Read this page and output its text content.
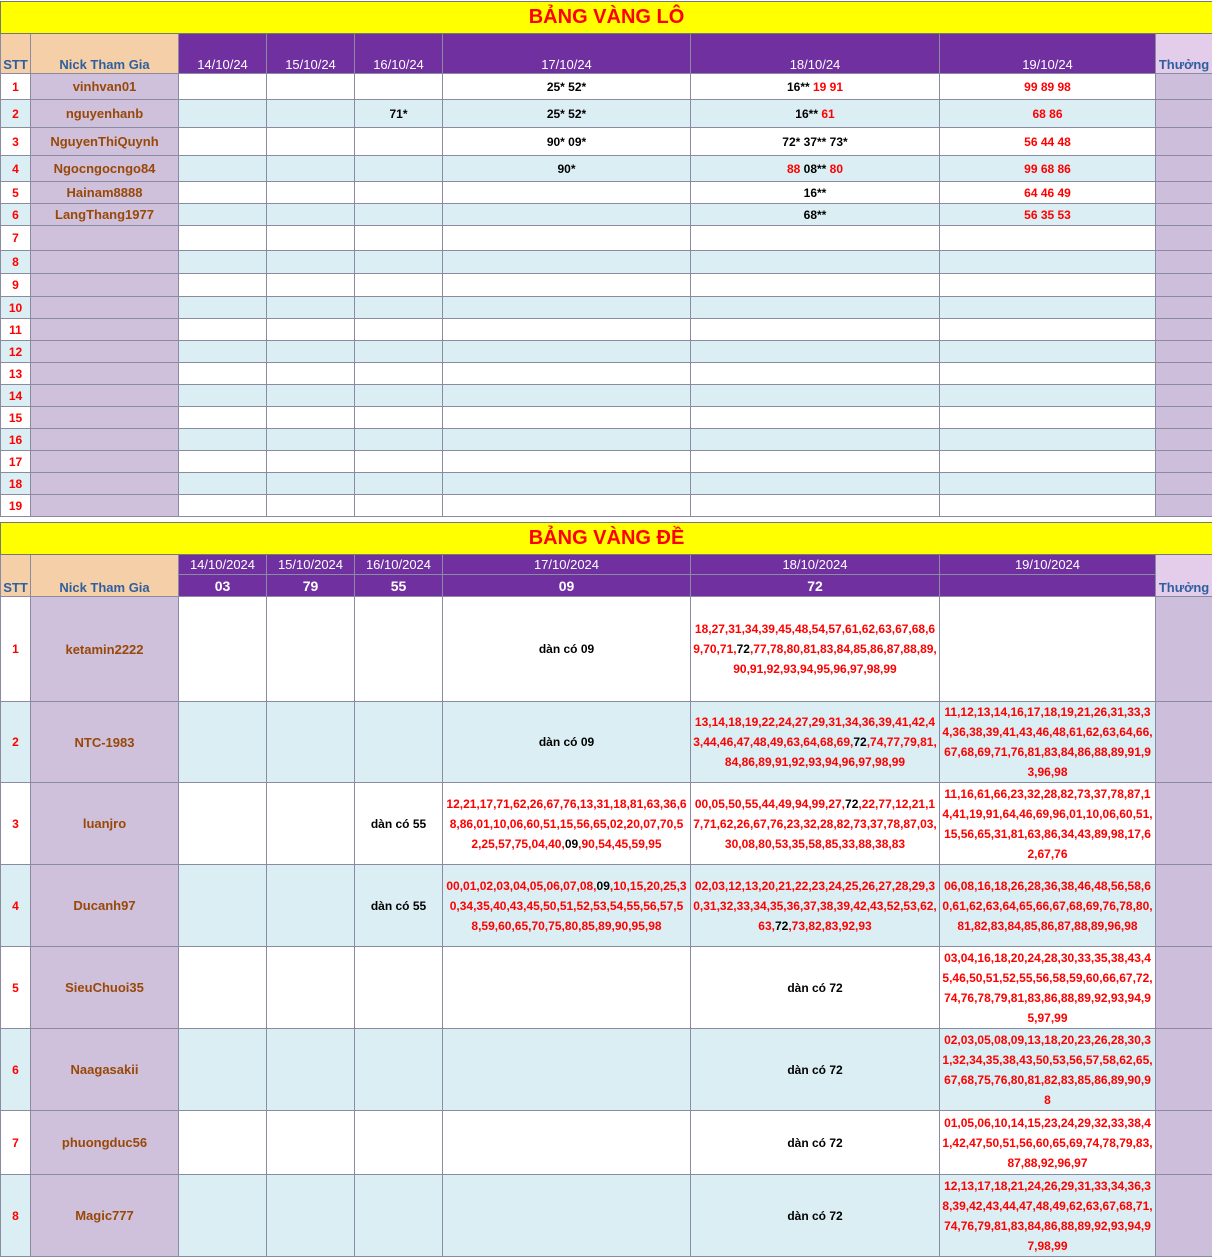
BẢNG VÀNG LÔ								
STT	Nick Tham Gia	14/10/24	15/10/24	16/10/24	17/10/24	18/10/24	19/10/24	Thưởng
1	vinhvan01				25* 52*	16** 19 91	99 89 98	
2	nguyenhanb			71*	25* 52*	16** 61	68 86	
3	NguyenThiQuynh				90* 09*	72* 37** 73*	56 44 48	
4	Ngocngocngo84				90*	88 08** 80	99 68 86	
5	Hainam8888					16**	64 46 49	
6	LangThang1977					68**	56 35 53	
7								
8								
9								
10								
11								
12								
13								
14								
15								
16								
17								
18								
19								
BẢNG VÀNG ĐỀ								
STT	Nick Tham Gia	14/10/2024	15/10/2024	16/10/2024	17/10/2024	18/10/2024	19/10/2024	Thưởng
		03	79	55	09	72		
1	ketamin2222				dàn có 09	18,27,31,34,39,45,48,54,57,61,62,63,67,68,69,70,71,72,77,78,80,81,83,84,85,86,87,88,89,90,91,92,93,94,95,96,97,98,99		
2	NTC-1983				dàn có 09	13,14,18,19,22,24,27,29,31,34,36,39,41,42,43,44,46,47,48,49,63,64,68,69,72,74,77,79,81,84,86,89,91,92,93,94,96,97,98,99	11,12,13,14,16,17,18,19,21,26,31,33,34,36,38,39,41,43,46,48,61,62,63,64,66,67,68,69,71,76,81,83,84,86,88,89,91,93,96,98	
3	luanjro			dàn có 55	12,21,17,71,62,26,67,76,13,31,18,81,63,36,68,86,01,10,06,60,51,15,56,65,02,20,07,70,52,25,57,75,04,40,09,90,54,45,59,95	00,05,50,55,44,49,94,99,27,72,22,77,12,21,17,71,62,26,67,76,23,32,28,82,73,37,78,87,03,30,08,80,53,35,58,85,33,88,38,83	11,16,61,66,23,32,28,82,73,37,78,87,14,41,19,91,64,46,69,96,01,10,06,60,51,15,56,65,31,81,63,86,34,43,89,98,17,62,67,76	
4	Ducanh97			dàn có 55	00,01,02,03,04,05,06,07,08,09,10,15,20,25,30,34,35,40,43,45,50,51,52,53,54,55,56,57,58,59,60,65,70,75,80,85,89,90,95,98	02,03,12,13,20,21,22,23,24,25,26,27,28,29,30,31,32,33,34,35,36,37,38,39,42,43,52,53,62,63,72,73,82,83,92,93	06,08,16,18,26,28,36,38,46,48,56,58,60,61,62,63,64,65,66,67,68,69,76,78,80,81,82,83,84,85,86,87,88,89,96,98	
5	SieuChuoi35					dàn có 72	03,04,16,18,20,24,28,30,33,35,38,43,45,46,50,51,52,55,56,58,59,60,66,67,72,74,76,78,79,81,83,86,88,89,92,93,94,95,97,99	
6	Naagasakii					dàn có 72	02,03,05,08,09,13,18,20,23,26,28,30,31,32,34,35,38,43,50,53,56,57,58,62,65,67,68,75,76,80,81,82,83,85,86,89,90,98	
7	phuongduc56					dàn có 72	01,05,06,10,14,15,23,24,29,32,33,38,41,42,47,50,51,56,60,65,69,74,78,79,83,87,88,92,96,97	
8	Magic777					dàn có 72	12,13,17,18,21,24,26,29,31,33,34,36,38,39,42,43,44,47,48,49,62,63,67,68,71,74,76,79,81,83,84,86,88,89,92,93,94,97,98,99	
